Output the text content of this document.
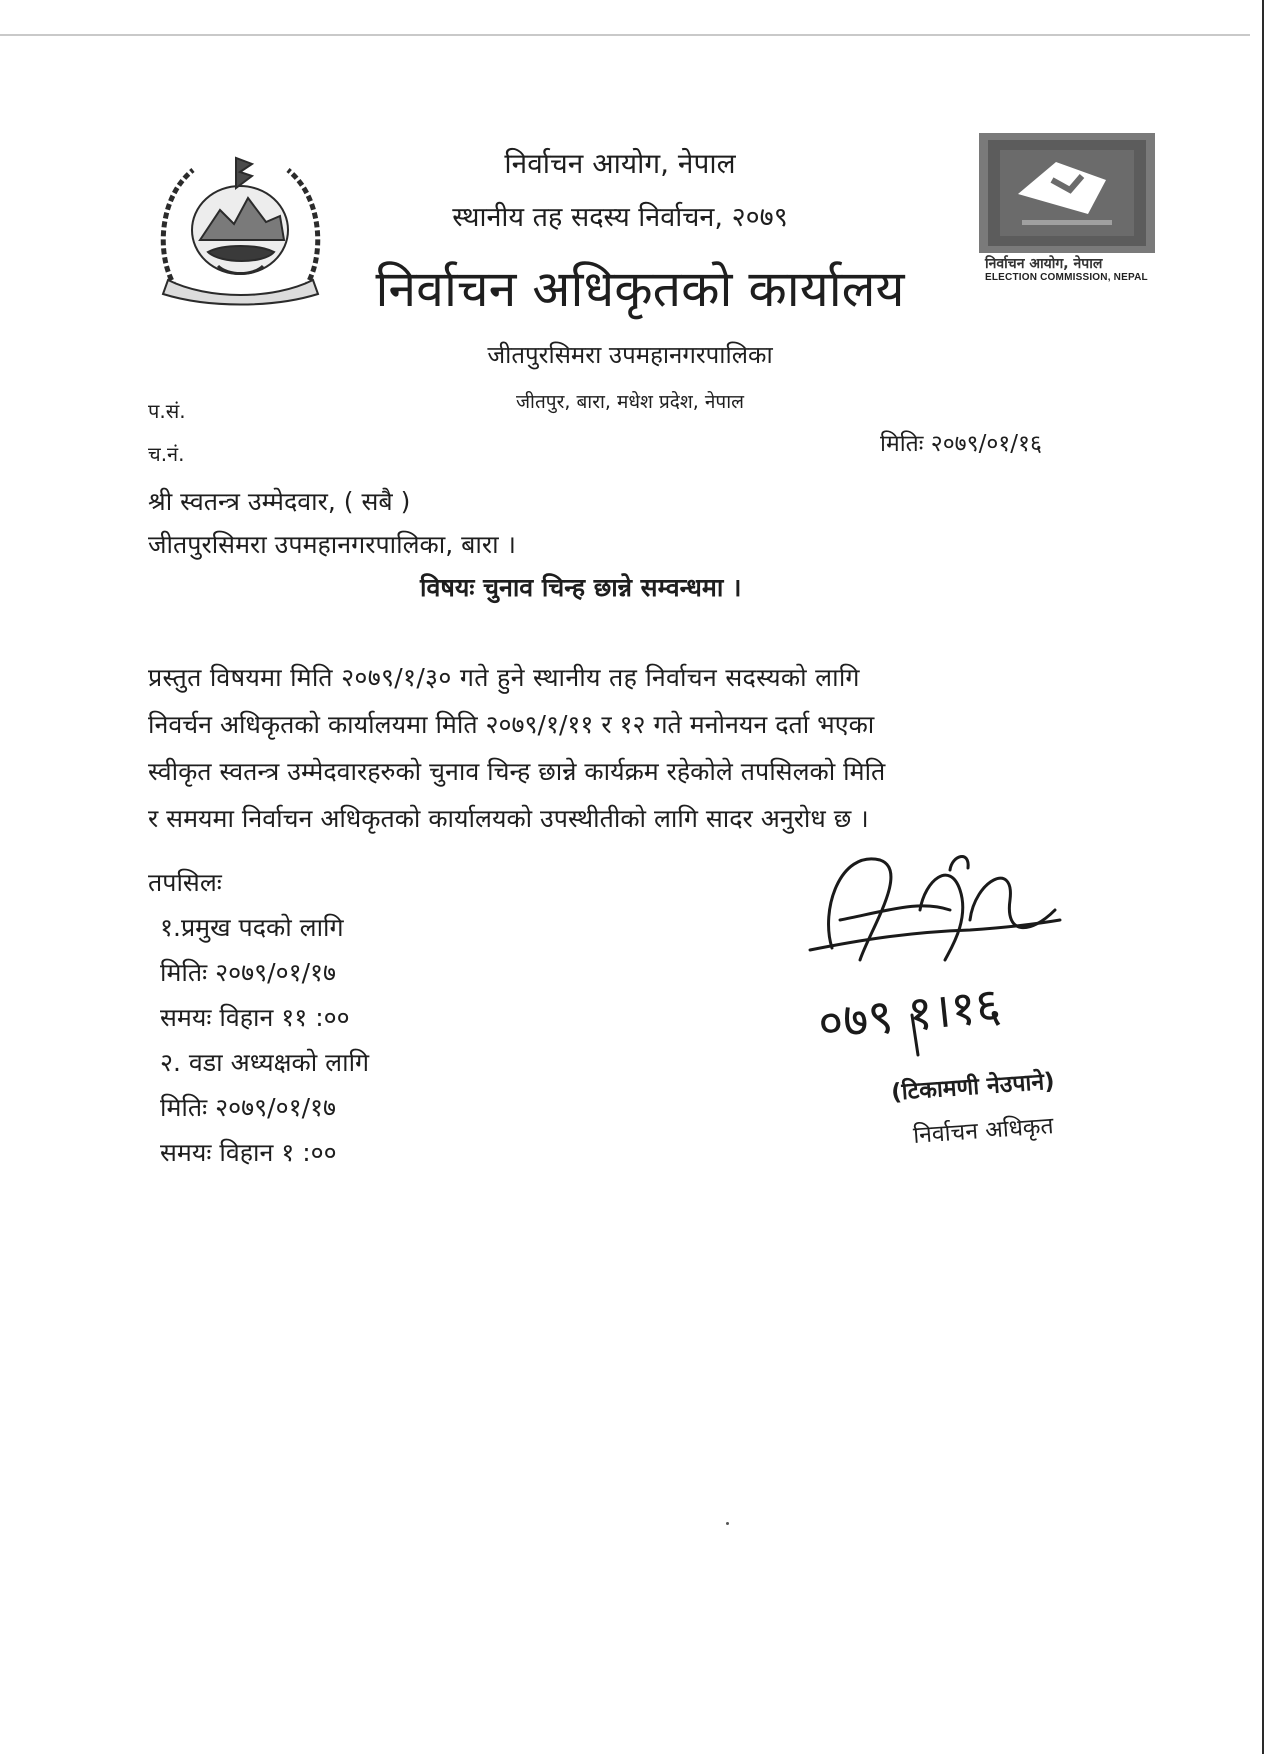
निर्वाचन आयोग, नेपाल
ELECTION COMMISSION, NEPAL
निर्वाचन आयोग, नेपाल
स्थानीय तह सदस्य निर्वाचन, २०७९
निर्वाचन अधिकृतको कार्यालय
जीतपुरसिमरा उपमहानगरपालिका
जीतपुर, बारा, मधेश प्रदेश, नेपाल
प.सं.
च.नं.	मितिः २०७९/०१/१६
श्री स्वतन्त्र उम्मेदवार, ( सबै )
जीतपुरसिमरा उपमहानगरपालिका, बारा ।
विषयः चुनाव चिन्ह छान्ने सम्वन्धमा ।
प्रस्तुत विषयमा मिति २०७९/१/३० गते हुने स्थानीय तह निर्वाचन सदस्यको लागि
निवर्चन अधिकृतको कार्यालयमा मिति २०७९/१/११ र १२ गते मनोनयन दर्ता भएका
स्वीकृत स्वतन्त्र उम्मेदवारहरुको चुनाव चिन्ह छान्ने कार्यक्रम रहेकोले तपसिलको मिति
र समयमा निर्वाचन अधिकृतको कार्यालयको उपस्थीतीको लागि सादर अनुरोध छ ।
तपसिलः
१.प्रमुख पदको लागि
मितिः २०७९/०१/१७
समयः विहान ११ :००
२. वडा अध्यक्षको लागि
मितिः २०७९/०१/१७
समयः विहान १ :००
०७९ १।१६
(टिकामणी नेउपाने)
निर्वाचन अधिकृत
